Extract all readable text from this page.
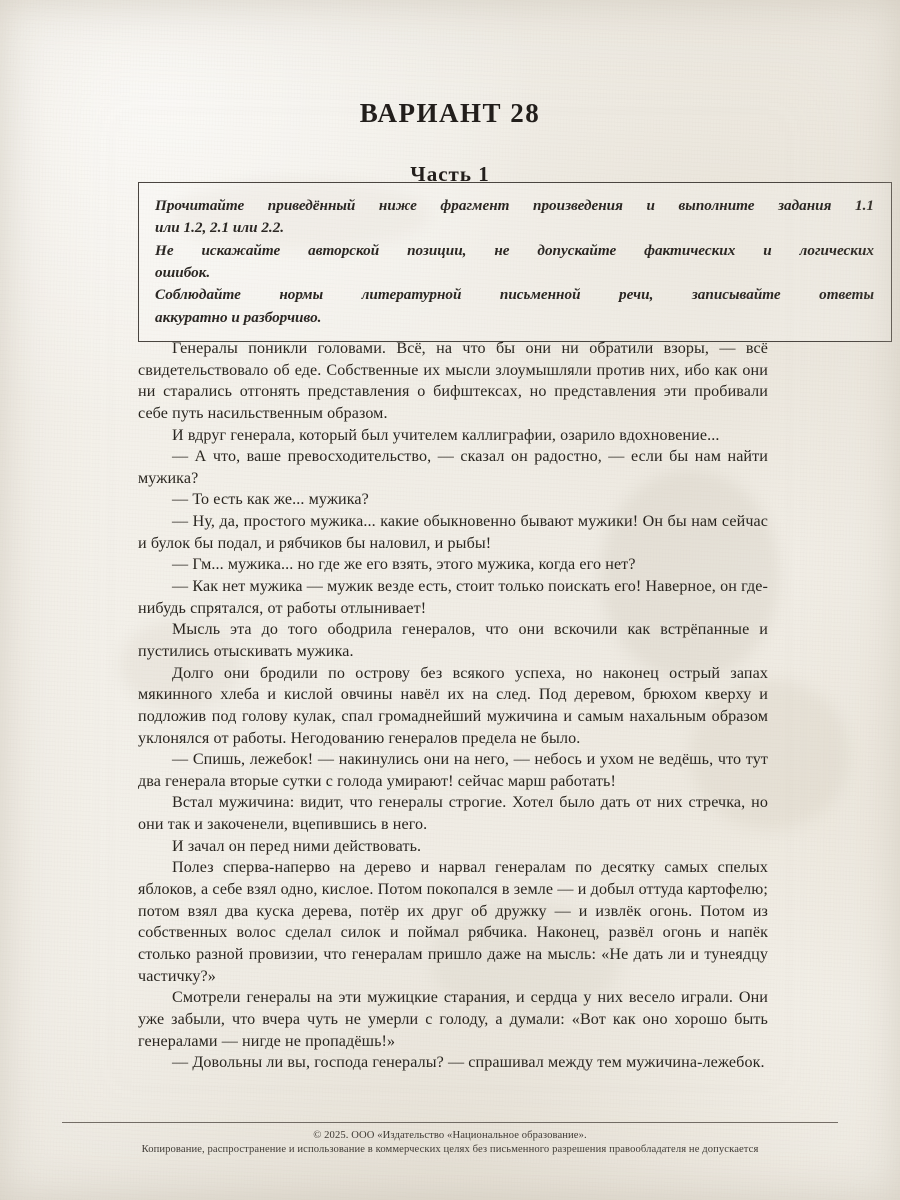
ВАРИАНТ 28
Часть 1

Прочитайте приведённый ниже фрагмент произведения и выполните задания 1.1

или 1.2, 2.1 или 2.2.

Не искажайте авторской позиции, не допускайте фактических и логических

ошибок.

Соблюдайте нормы литературной письменной речи, записывайте ответы

аккуратно и разборчиво.

Генералы поникли головами. Всё, на что бы они ни обратили взоры, — всё свидетельствовало об еде. Собственные их мысли злоумышляли против них, ибо как они ни старались отгонять представления о бифштексах, но представления эти пробивали себе путь насильственным образом.

И вдруг генерала, который был учителем каллиграфии, озарило вдохновение...

— А что, ваше превосходительство, — сказал он радостно, — если бы нам найти мужика?

— То есть как же... мужика?

— Ну, да, простого мужика... какие обыкновенно бывают мужики! Он бы нам сейчас и булок бы подал, и рябчиков бы наловил, и рыбы!

— Гм... мужика... но где же его взять, этого мужика, когда его нет?

— Как нет мужика — мужик везде есть, стоит только поискать его! Наверное, он где-нибудь спрятался, от работы отлынивает!

Мысль эта до того ободрила генералов, что они вскочили как встрёпанные и пустились отыскивать мужика.

Долго они бродили по острову без всякого успеха, но наконец острый запах мякинного хлеба и кислой овчины навёл их на след. Под деревом, брюхом кверху и подложив под голову кулак, спал громаднейший мужичина и самым нахальным образом уклонялся от работы. Негодованию генералов предела не было.

— Спишь, лежебок! — накинулись они на него, — небось и ухом не ведёшь, что тут два генерала вторые сутки с голода умирают! сейчас марш работать!

Встал мужичина: видит, что генералы строгие. Хотел было дать от них стречка, но они так и закоченели, вцепившись в него.

И зачал он перед ними действовать.

Полез сперва-наперво на дерево и нарвал генералам по десятку самых спелых яблоков, а себе взял одно, кислое. Потом покопался в земле — и добыл оттуда картофелю; потом взял два куска дерева, потёр их друг об дружку — и извлёк огонь. Потом из собственных волос сделал силок и поймал рябчика. Наконец, развёл огонь и напёк столько разной провизии, что генералам пришло даже на мысль: «Не дать ли и тунеядцу частичку?»

Смотрели генералы на эти мужицкие старания, и сердца у них весело играли. Они уже забыли, что вчера чуть не умерли с голоду, а думали: «Вот как оно хорошо быть генералами — нигде не пропадёшь!»

— Довольны ли вы, господа генералы? — спрашивал между тем мужичина-лежебок.

© 2025. ООО «Издательство «Национальное образование».

Копирование, распространение и использование в коммерческих целях без письменного разрешения правообладателя не допускается
